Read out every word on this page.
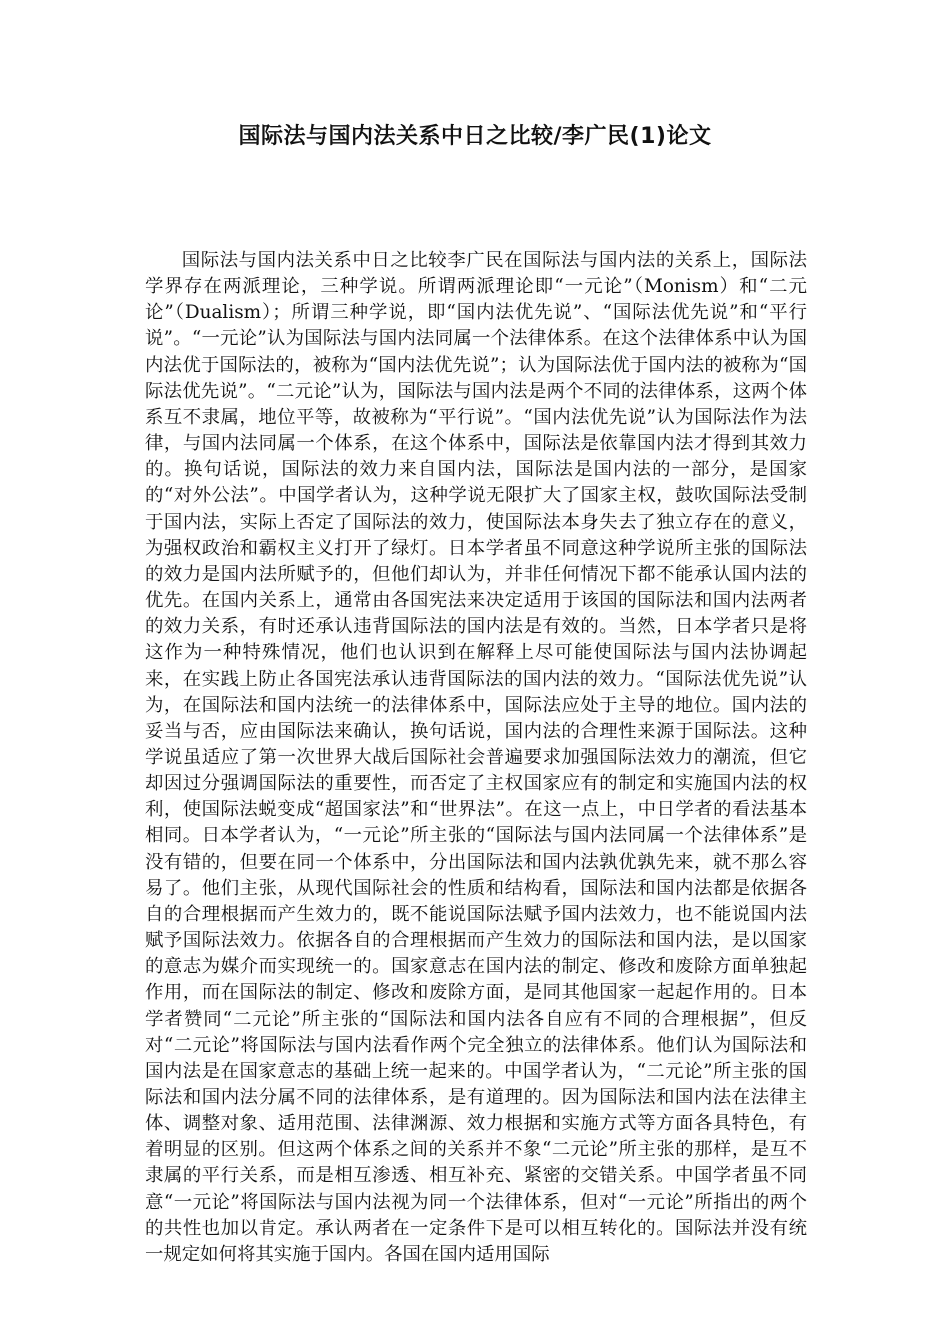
国际法与国内法关系中日之比较/李广民(1)论文

国际法与国内法关系中日之比较李广民在国际法与国内法的关系上，国际法学界存在两派理论，三种学说。所谓两派理论即“一元论”（Monism）和“二元论”（Dualism）；所谓三种学说，即“国内法优先说”、“国际法优先说”和“平行说”。“一元论”认为国际法与国内法同属一个法律体系。在这个法律体系中认为国内法优于国际法的，被称为“国内法优先说”；认为国际法优于国内法的被称为“国际法优先说”。“二元论”认为，国际法与国内法是两个不同的法律体系，这两个体系互不隶属，地位平等，故被称为“平行说”。“国内法优先说”认为国际法作为法律，与国内法同属一个体系，在这个体系中，国际法是依靠国内法才得到其效力的。换句话说，国际法的效力来自国内法，国际法是国内法的一部分，是国家的“对外公法”。中国学者认为，这种学说无限扩大了国家主权，鼓吹国际法受制于国内法，实际上否定了国际法的效力，使国际法本身失去了独立存在的意义，为强权政治和霸权主义打开了绿灯。日本学者虽不同意这种学说所主张的国际法的效力是国内法所赋予的，但他们却认为，并非任何情况下都不能承认国内法的优先。在国内关系上，通常由各国宪法来决定适用于该国的国际法和国内法两者的效力关系，有时还承认违背国际法的国内法是有效的。当然，日本学者只是将这作为一种特殊情况，他们也认识到在解释上尽可能使国际法与国内法协调起来，在实践上防止各国宪法承认违背国际法的国内法的效力。“国际法优先说”认为，在国际法和国内法统一的法律体系中，国际法应处于主导的地位。国内法的妥当与否，应由国际法来确认，换句话说，国内法的合理性来源于国际法。这种学说虽适应了第一次世界大战后国际社会普遍要求加强国际法效力的潮流，但它却因过分强调国际法的重要性，而否定了主权国家应有的制定和实施国内法的权利，使国际法蜕变成“超国家法”和“世界法”。在这一点上，中日学者的看法基本相同。日本学者认为，“一元论”所主张的“国际法与国内法同属一个法律体系”是没有错的，但要在同一个体系中，分出国际法和国内法孰优孰先来，就不那么容易了。他们主张，从现代国际社会的性质和结构看，国际法和国内法都是依据各自的合理根据而产生效力的，既不能说国际法赋予国内法效力，也不能说国内法赋予国际法效力。依据各自的合理根据而产生效力的国际法和国内法，是以国家的意志为媒介而实现统一的。国家意志在国内法的制定、修改和废除方面单独起作用，而在国际法的制定、修改和废除方面，是同其他国家一起起作用的。日本学者赞同“二元论”所主张的“国际法和国内法各自应有不同的合理根据”，但反对“二元论”将国际法与国内法看作两个完全独立的法律体系。他们认为国际法和国内法是在国家意志的基础上统一起来的。中国学者认为，“二元论”所主张的国际法和国内法分属不同的法律体系，是有道理的。因为国际法和国内法在法律主体、调整对象、适用范围、法律渊源、效力根据和实施方式等方面各具特色，有着明显的区别。但这两个体系之间的关系并不象“二元论”所主张的那样，是互不隶属的平行关系，而是相互渗透、相互补充、紧密的交错关系。中国学者虽不同意“一元论”将国际法与国内法视为同一个法律体系，但对“一元论”所指出的两个的共性也加以肯定。承认两者在一定条件下是可以相互转化的。国际法并没有统一规定如何将其实施于国内。各国在国内适用国际
